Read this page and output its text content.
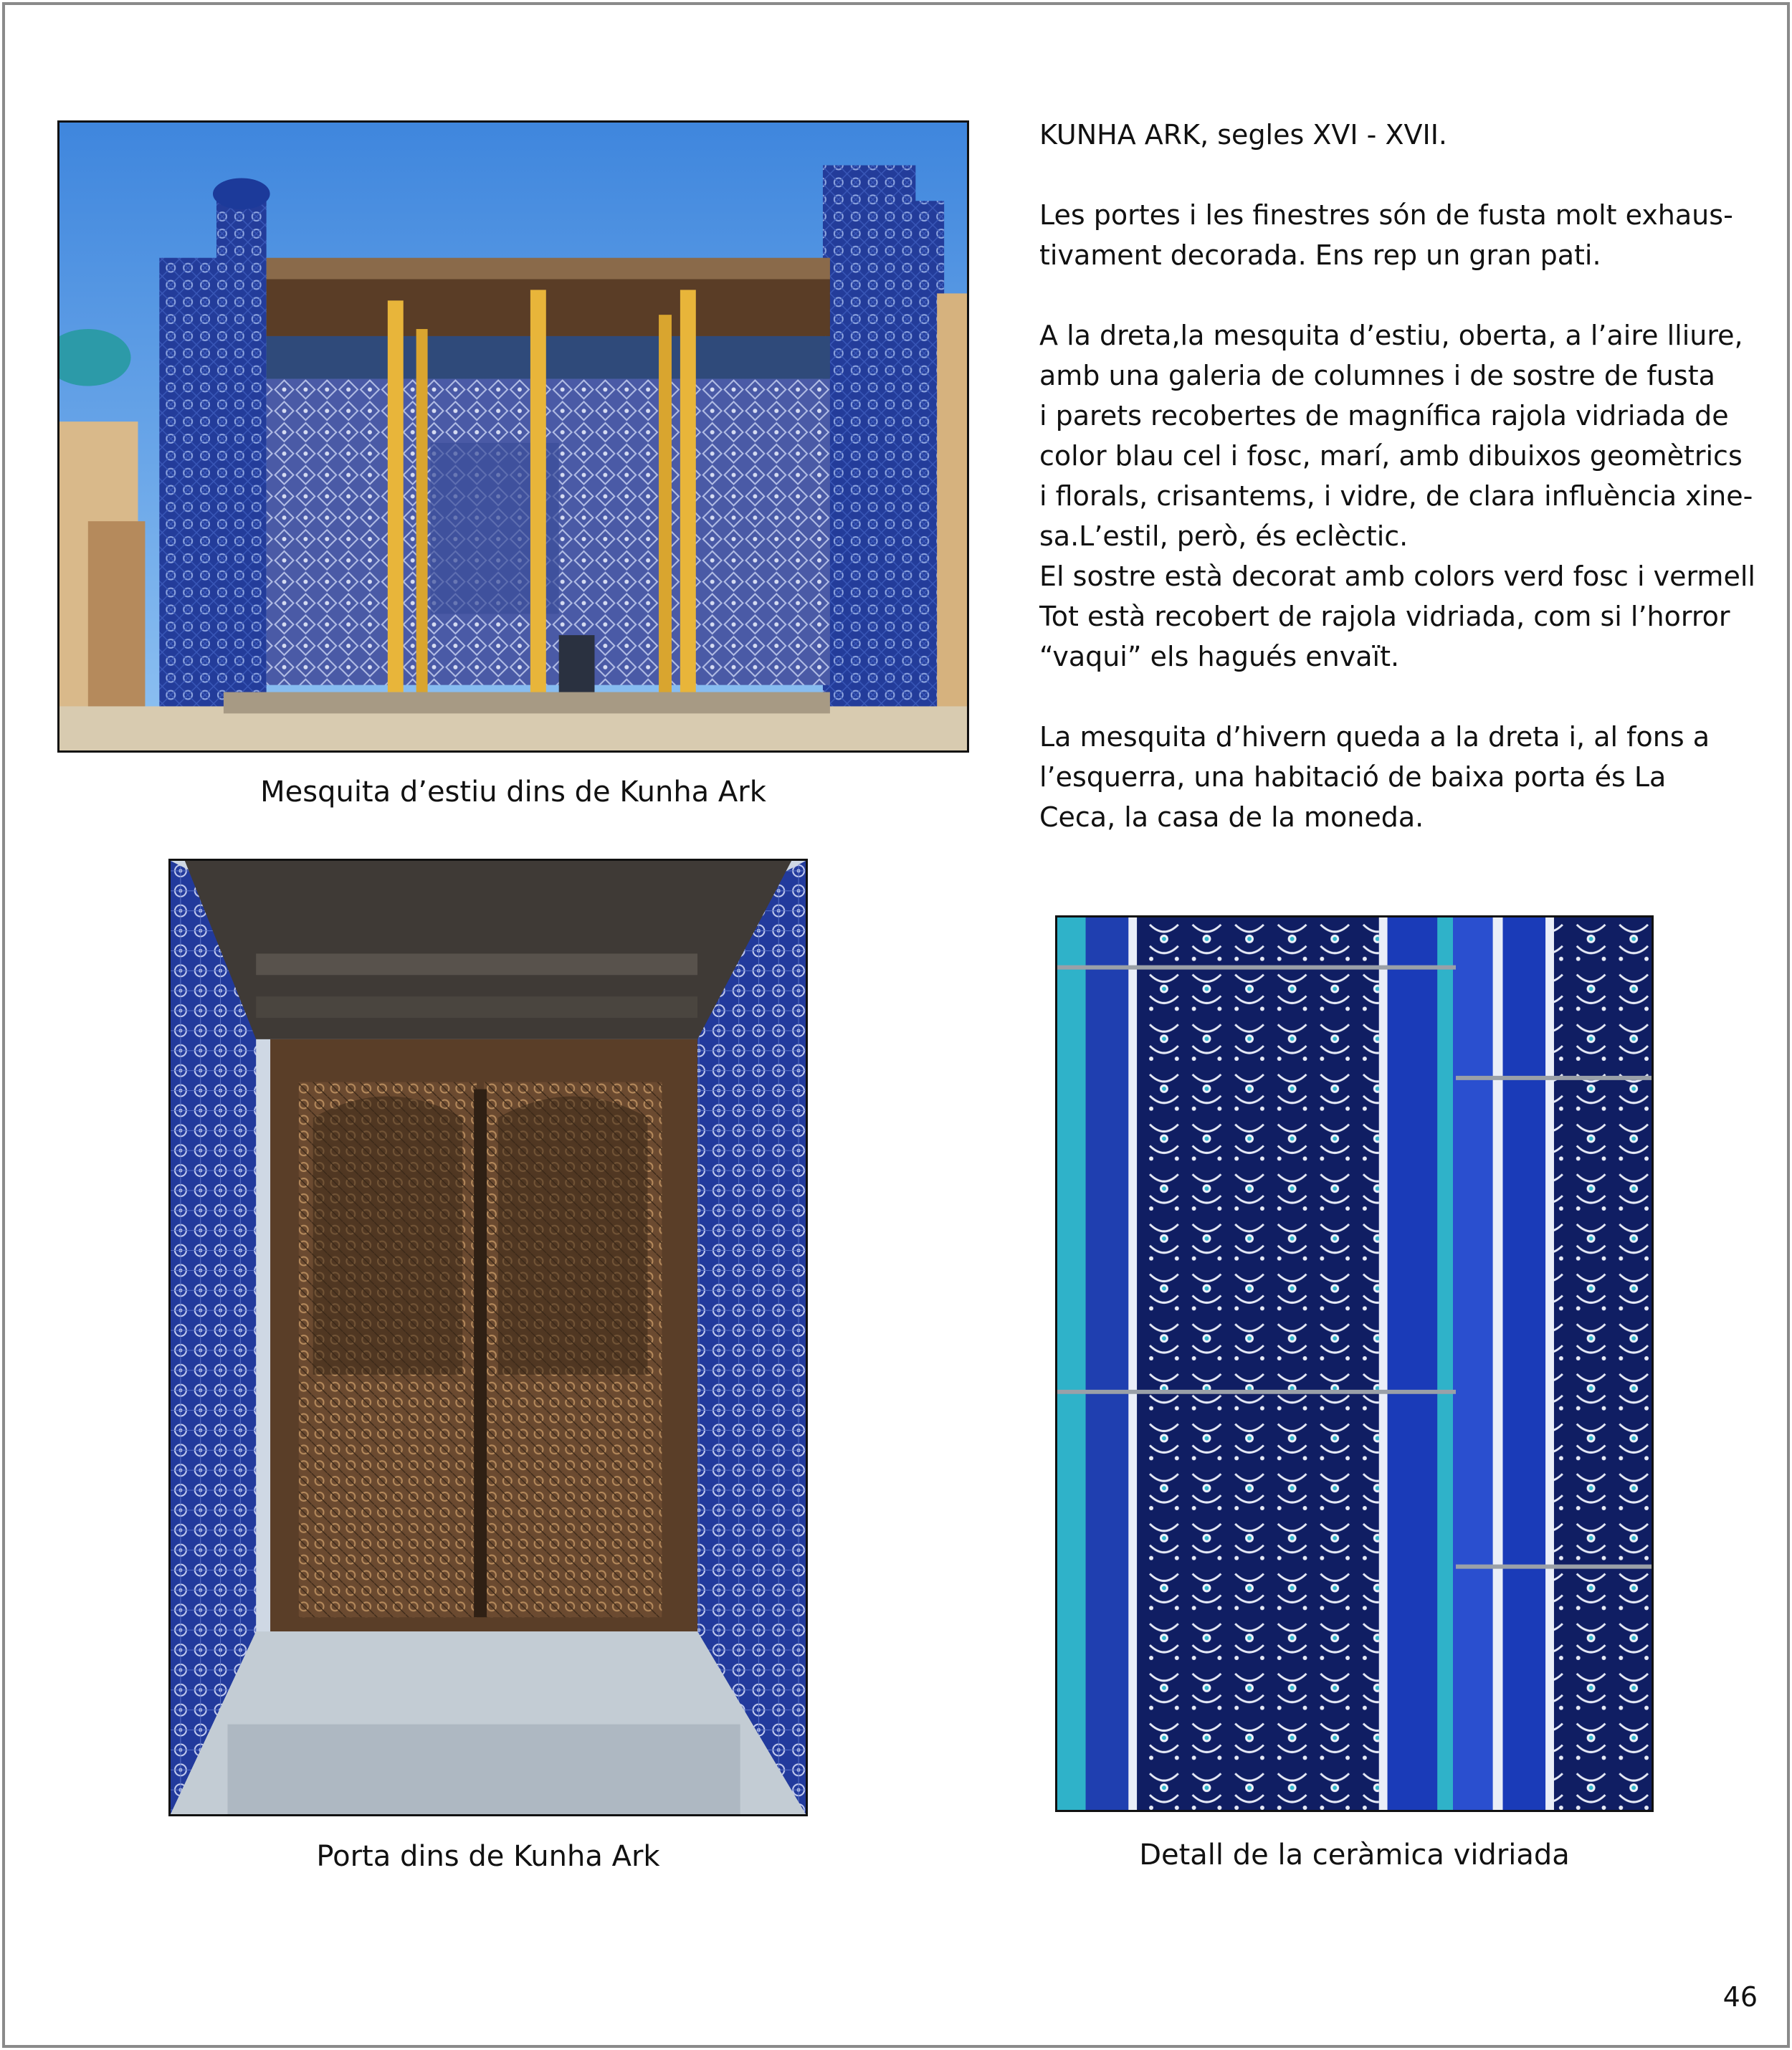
Mesquita d’estiu dins de Kunha Ark
Porta dins de Kunha Ark	Detall de la ceràmica vidriada

KUNHA ARK, segles XVI - XVII.

Les portes i les finestres són de fusta molt exhaus-
tivament decorada. Ens rep un gran pati.

A la dreta,la mesquita d’estiu, oberta, a l’aire lliure,
amb una galeria de columnes i de sostre de fusta
i parets recobertes de magnífica rajola vidriada de
color blau cel i fosc, marí, amb dibuixos geomètrics
i florals, crisantems, i vidre, de clara influència xine-
sa.L’estil, però, és eclèctic.
El sostre està decorat amb colors verd fosc i vermell
Tot està recobert de rajola vidriada, com si l’horror
“vaqui” els hagués envaït.

La mesquita d’hivern queda a la dreta i, al fons a
l’esquerra, una habitació de baixa porta és La
Ceca, la casa de la moneda.

46
